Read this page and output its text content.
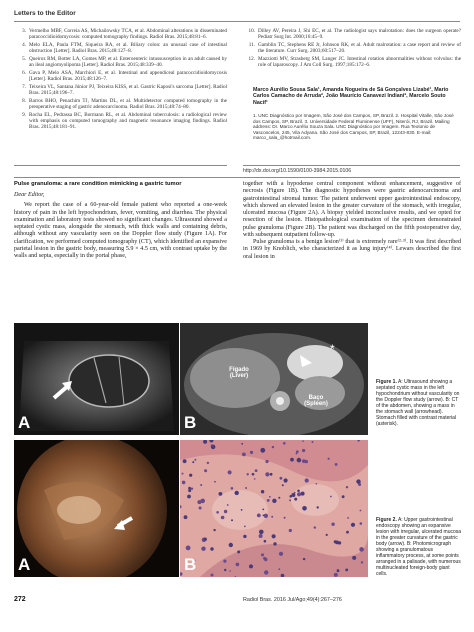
Letters to the Editor
3. Vermelho MBF, Correia AS, Michailowsky TCA, et al. Abdominal alterations in disseminated paracoccidioidomycosis: computed tomography findings. Radiol Bras. 2015;48:81–6.
4. Melo ELA, Paula FTM, Siqueira RA, et al. Biliary colon: an unusual case of intestinal obstruction [Letter]. Radiol Bras. 2015;48:127–8.
5. Queiroz RM, Botter LA, Gomes MP, et al. Enteroenteric intussusception in an adult caused by an ileal angiomyolipoma [Letter]. Radiol Bras. 2015;48:339–40.
6. Gava P, Melo ASA, Marchiori E, et al. Intestinal and appendiceal paracoccidioidomycosis [Letter]. Radiol Bras. 2015;48:126–7.
7. Teixeira VL, Santana Júnior PJ, Teixeira KISS, et al. Gastric Kaposi's sarcoma [Letter]. Radiol Bras. 2015;48:196–7.
8. Barros BHO, Penachim TJ, Martins DL, et al. Multidetector computed tomography in the preoperative staging of gastric adenocarcinoma. Radiol Bras. 2015;48:74–80.
9. Rocha EL, Pedrassa BC, Bormann RL, et al. Abdominal tuberculosis: a radiological review with emphasis on computed tomography and magnetic resonance imaging findings. Radiol Bras. 2015;48:181–91.
10. Dilley AV, Pereira J, Shi EC, et al. The radiologist says malrotation: does the surgeon operate? Pediatr Surg Int. 2000;16:45–9.
11. Gamblin TC, Stephens RE Jr, Johnson RK, et al. Adult malrotation: a case report and review of the literature. Curr Surg. 2003;60:517–20.
12. Mazziotti MV, Strasberg SM, Langer JC. Intestinal rotation abnormalities without volvulus: the role of laparoscopy. J Am Coll Surg. 1997;185:172–6.
Marco Aurélio Sousa Sala¹, Amanda Nogueira de Sá Gonçalves Lizabé¹, Mario Carlos Camacho de Arruda², João Maurício Canavezi Indiani², Marcelo Souto Nacif¹
1. UNC Diagnóstico por Imagem, São José dos Campos, SP, Brazil. 2. Hospital Vitalle, São José dos Campos, SP, Brazil. 3. Universidade Federal Fluminense (UFF), Niterói, RJ, Brazil. Mailing address: Dr. Marco Aurélio Souza Sala. UNC Diagnóstico por Imagem. Rua Teotonio de Vasconcelos, 245, Vila Adyana. São José dos Campos, SP, Brazil, 12243-830. E-mail: marco_sala_@hotmail.com.
http://dx.doi.org/10.1590/0100-3984.2015.0106
Pulse granuloma: a rare condition mimicking a gastric tumor

Dear Editor,

We report the case of a 60-year-old female patient who reported a one-week history of pain in the left hypochondrium, fever, vomiting, and diarrhea. The physical examination and laboratory tests showed no significant changes. Ultrasound showed a septated cystic mass, alongside the stomach, with thick walls and containing debris, although without any vascularity seen on the Doppler flow study (Figure 1A). For clarification, we performed computed tomography (CT), which identified an expansive parietal lesion in the gastric body, measuring 5.9 × 4.5 cm, with contrast uptake by the walls and septa, especially in the portal phase,

together with a hypodense central component without enhancement, suggestive of necrosis (Figure 1B). The diagnostic hypotheses were gastric adenocarcinoma and gastrointestinal stromal tumor. The patient underwent upper gastrointestinal endoscopy, which showed an elevated lesion in the greater curvature of the stomach, with irregular, ulcerated mucosa (Figure 2A). A biopsy yielded inconclusive results, and we opted for resection of the lesion. Histopathological examination of the specimen demonstrated pulse granuloma (Figure 2B). The patient was discharged on the fifth postoperative day, with subsequent outpatient follow-up.

Pulse granuloma is a benign lesion⁽¹⁾ that is extremely rare⁽²·³⁾. It was first described in 1969 by Knoblich, who characterized it as lung injury⁽⁴⁾. Lewars described the first oral lesion in

A
*
Fígado (Liver)
Baço (Spleen)
B
Figure 1. A: Ultrasound showing a septated cystic mass in the left hypochondrium without vascularity on the Doppler flow study (arrow). B: CT of the abdomen, showing a mass in the stomach wall (arrowhead). Stomach filled with contrast material (asterisk).
A	B
Figure 2. A: Upper gastrointestinal endoscopy showing an expansive lesion with irregular, ulcerated mucosa in the greater curvature of the gastric body (arrow). B: Photomicrograph showing a granulomatous inflammatory process, at some points arranged in a palisade, with numerous multinucleated foreign-body giant cells.
272	Radiol Bras. 2016 Jul/Ago;49(4):267–276
